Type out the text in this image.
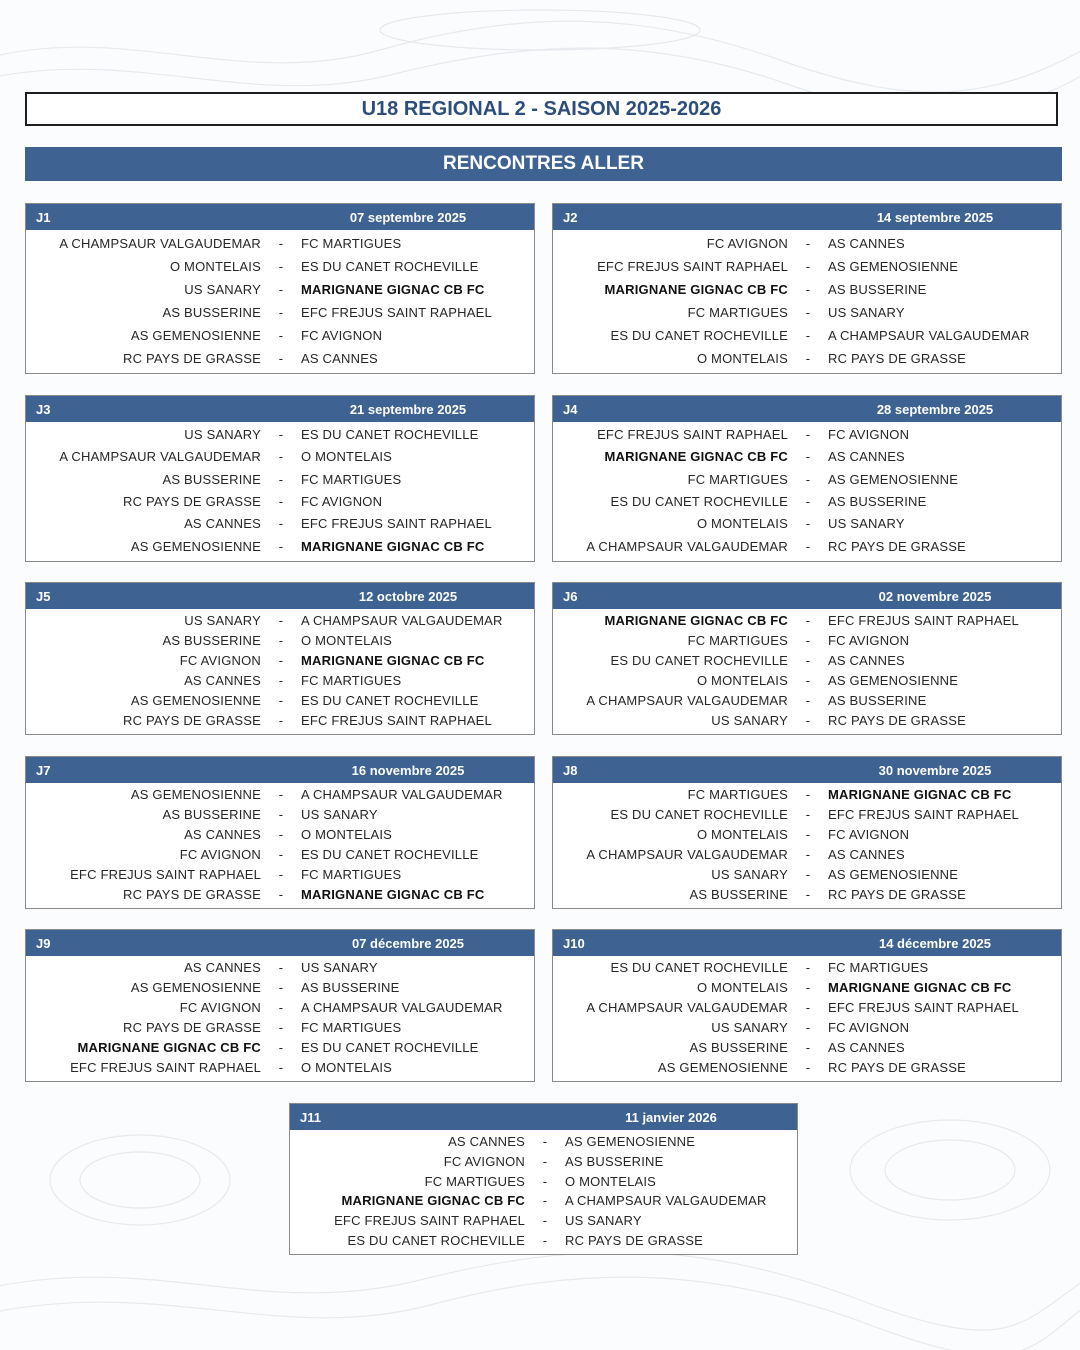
U18 REGIONAL 2 - SAISON 2025-2026
RENCONTRES ALLER
J1	07 septembre 2025
A CHAMPSAUR VALGAUDEMAR	-	FC MARTIGUES
O MONTELAIS	-	ES DU CANET ROCHEVILLE
US SANARY	-	MARIGNANE GIGNAC CB FC
AS BUSSERINE	-	EFC FREJUS SAINT RAPHAEL
AS GEMENOSIENNE	-	FC AVIGNON
RC PAYS DE GRASSE	-	AS CANNES
J2	14 septembre 2025
FC AVIGNON	-	AS CANNES
EFC FREJUS SAINT RAPHAEL	-	AS GEMENOSIENNE
MARIGNANE GIGNAC CB FC	-	AS BUSSERINE
FC MARTIGUES	-	US SANARY
ES DU CANET ROCHEVILLE	-	A CHAMPSAUR VALGAUDEMAR
O MONTELAIS	-	RC PAYS DE GRASSE
J3	21 septembre 2025
US SANARY	-	ES DU CANET ROCHEVILLE
A CHAMPSAUR VALGAUDEMAR	-	O MONTELAIS
AS BUSSERINE	-	FC MARTIGUES
RC PAYS DE GRASSE	-	FC AVIGNON
AS CANNES	-	EFC FREJUS SAINT RAPHAEL
AS GEMENOSIENNE	-	MARIGNANE GIGNAC CB FC
J4	28 septembre 2025
EFC FREJUS SAINT RAPHAEL	-	FC AVIGNON
MARIGNANE GIGNAC CB FC	-	AS CANNES
FC MARTIGUES	-	AS GEMENOSIENNE
ES DU CANET ROCHEVILLE	-	AS BUSSERINE
O MONTELAIS	-	US SANARY
A CHAMPSAUR VALGAUDEMAR	-	RC PAYS DE GRASSE
J5	12 octobre 2025
US SANARY	-	A CHAMPSAUR VALGAUDEMAR
AS BUSSERINE	-	O MONTELAIS
FC AVIGNON	-	MARIGNANE GIGNAC CB FC
AS CANNES	-	FC MARTIGUES
AS GEMENOSIENNE	-	ES DU CANET ROCHEVILLE
RC PAYS DE GRASSE	-	EFC FREJUS SAINT RAPHAEL
J6	02 novembre 2025
MARIGNANE GIGNAC CB FC	-	EFC FREJUS SAINT RAPHAEL
FC MARTIGUES	-	FC AVIGNON
ES DU CANET ROCHEVILLE	-	AS CANNES
O MONTELAIS	-	AS GEMENOSIENNE
A CHAMPSAUR VALGAUDEMAR	-	AS BUSSERINE
US SANARY	-	RC PAYS DE GRASSE
J7	16 novembre 2025
AS GEMENOSIENNE	-	A CHAMPSAUR VALGAUDEMAR
AS BUSSERINE	-	US SANARY
AS CANNES	-	O MONTELAIS
FC AVIGNON	-	ES DU CANET ROCHEVILLE
EFC FREJUS SAINT RAPHAEL	-	FC MARTIGUES
RC PAYS DE GRASSE	-	MARIGNANE GIGNAC CB FC
J8	30 novembre 2025
FC MARTIGUES	-	MARIGNANE GIGNAC CB FC
ES DU CANET ROCHEVILLE	-	EFC FREJUS SAINT RAPHAEL
O MONTELAIS	-	FC AVIGNON
A CHAMPSAUR VALGAUDEMAR	-	AS CANNES
US SANARY	-	AS GEMENOSIENNE
AS BUSSERINE	-	RC PAYS DE GRASSE
J9	07 décembre 2025
AS CANNES	-	US SANARY
AS GEMENOSIENNE	-	AS BUSSERINE
FC AVIGNON	-	A CHAMPSAUR VALGAUDEMAR
RC PAYS DE GRASSE	-	FC MARTIGUES
MARIGNANE GIGNAC CB FC	-	ES DU CANET ROCHEVILLE
EFC FREJUS SAINT RAPHAEL	-	O MONTELAIS
J10	14 décembre 2025
ES DU CANET ROCHEVILLE	-	FC MARTIGUES
O MONTELAIS	-	MARIGNANE GIGNAC CB FC
A CHAMPSAUR VALGAUDEMAR	-	EFC FREJUS SAINT RAPHAEL
US SANARY	-	FC AVIGNON
AS BUSSERINE	-	AS CANNES
AS GEMENOSIENNE	-	RC PAYS DE GRASSE
J11	11 janvier 2026
AS CANNES	-	AS GEMENOSIENNE
FC AVIGNON	-	AS BUSSERINE
FC MARTIGUES	-	O MONTELAIS
MARIGNANE GIGNAC CB FC	-	A CHAMPSAUR VALGAUDEMAR
EFC FREJUS SAINT RAPHAEL	-	US SANARY
ES DU CANET ROCHEVILLE	-	RC PAYS DE GRASSE
